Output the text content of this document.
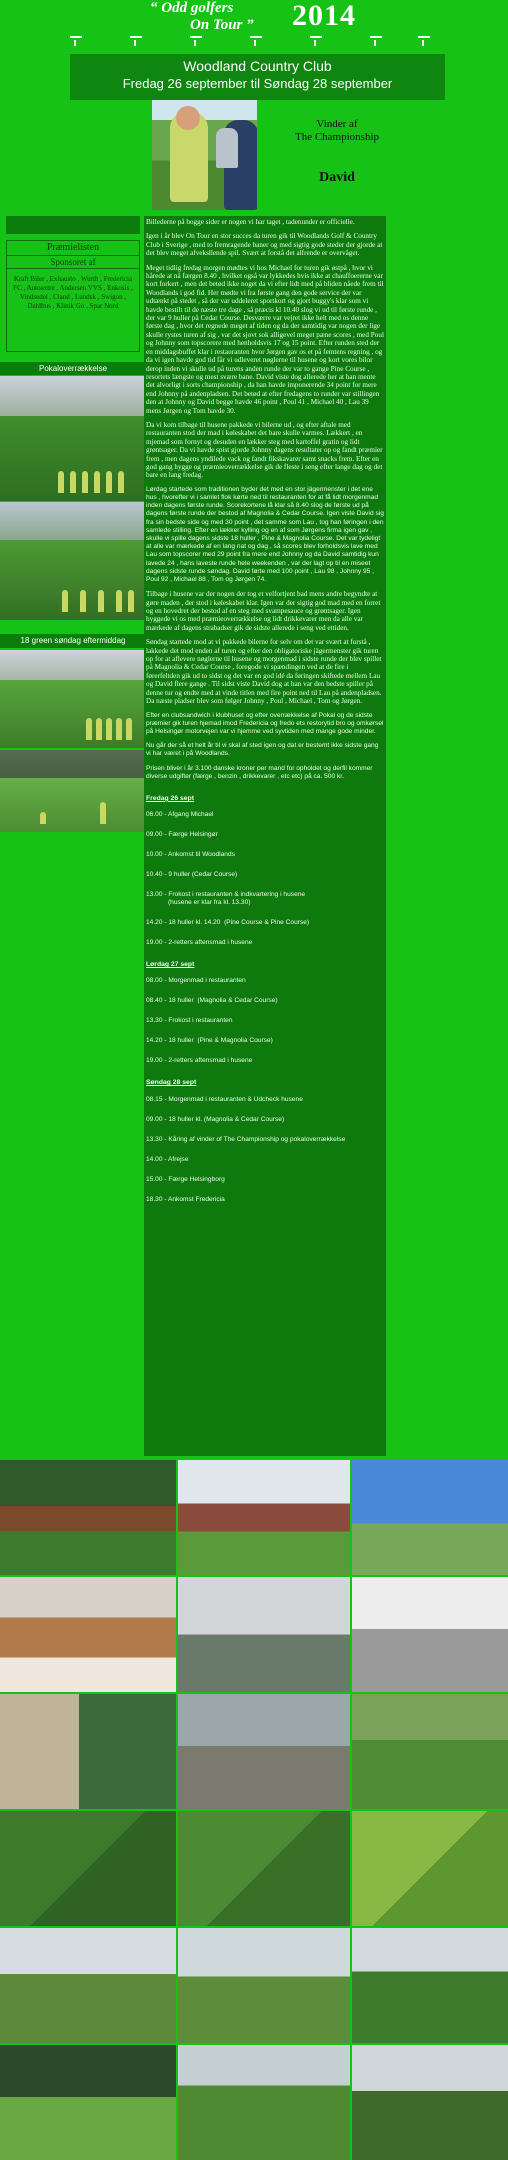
“ Odd golfers
On Tour ”	2014
Woodland Country Club
Fredag 26 september til Søndag 28 september
Vinder af
The Championship
David
Præmielisten
Sponsoret af
Kraft Biler , Exhausto , Wurth , Fredericia FC , Autoaxtre , Andersen VVS , Enkosis , Vindsedel , Cland , Lundsk , Swigon , Dahlbus , Klinik Go , Spar Nord
Pokaloverrækkelse
18 green søndag eftermiddag

Billederne på bogge sider er nogen vi har taget , tadenunder er officielle.

Igen i år blev On Tour en stor succes da turen gik til Woodlands Golf & Country Club i Sverige , med to fremragende baner og med sigtig gode steder der gjorde at det blev meget afveksllende spil. Svært at forstå det alfrende er overvåget.

Meget tidlig fredag morgen mødtes vi hos Michael for turen gik østpå , hvor vi hårede at nå færgen 8.40 , hvilket også var lykkedes hvis ikke at chauffoererne var kort forkert , men det betød ikke noget da vi efter lidt med på bliden nåede frem til Woodlands i god fid. Her mødte vi fra første gang den gode service der var udtænkt på stedet , så der var uddeleret sportkort og gjort buggy's klar som vi havde bestilt til de næste tre dage , så præcis kl 10.40 slog vi ud til første runde , der var 9 huller på Cedar Course. Desværre var vejret ikke helt med os denne første dag , hvor det regnede meget af tiden og da der samtidig var nogen der lige skulle rystes turen af sig , var det sjovt sok alligevel meget pæne scores , med Poul og Johnny som topscorere med henholdsvis 17 og 15 point. Efter runden sted der en middagsbuffet klar i restauranten hvor Jørgen gav os et på femtens regning , og da vi igen havde god tid får vi udleveret nøglerne til husene og kort vores bilor derop inden vi skulle ud på turens anden runde der var to gange Pine Course , resortets længste og mest svære bane. David viste dog allerede her at han mente det alvorligt i sorts championship , da han havde imponerende 34 point for mere end Johnny på andenpladsen. Det betød at efter fredagens to runder var stillingen den at Johnny og David begge havde 46 point , Poul 41 , Michael 40 , Lau 39 mens Jørgen og Tom havde 30.

Da vi kom tilbage til husene pakkede vi bilerne ud , og efter aftale med restauranten stod der mad i køleskabet det bare skulle varmes. Lækkert , en mjemad som fornyt og desuden en lækker steg med kartoffel gratin og lidt grøntsager. Da vi havde spist gjorde Johnny dagens resultater op og fandt præmier frem , men dagens yndilede vack og fandt fikskavarer samt snacks frem. Efter en god gang hygge og præmieoverrækkelse gik de fleste i seng efter lange dag og det bare en lang fredag.

Lørdag startede som traditionen byder det med en stor jägermenster i det ene hus , hvorefter vi i samlet flok kørte ned til restauranten for at få lidt morgenmad inden dagens første runde. Scorekortene lå klar så 8.40 slog de første ud på dagens første runde der bestod af Magnolia & Cedar Course. Igen viste David sig fra sin bedste side og med 30 point , det samme som Lau , tog han føringen i den samlede stilling. Efter en lækker kylling og en af som Jørgens firma igen gav , skulle vi spille dagens sidste 18 huller , Pine & Magnolia Course. Det var tydeligt at alle var mærkede af en lang nat og dag , så scores blev forholdsvis lave med Lau som topscorer med 29 point fra mere end Johnny og da David samtidig kun lavede 24 , hans laveste runde hele weekenden , var der lagt op til en miseet dagens sidste runde søndag. David førte med 100 point , Lau 98 , Johnny 95 , Poul 92 , Michael 88 , Tom og Jørgen 74.

Tilbage i husene var der nogen der tog et velfortjent bad mens andre begyndte at gøre maden , der stod i køleskabet klar. Igen var der sigtig god mad med en forret og en hovedret der bestod af en steg med svampesauce og grøntsager. Igen hyggede vi os med præmieoverrækkelse og lidt drikkevarer men da alle var mærkede af dagens strabadser gik de sidste allerede i seng ved ettiden.

Søndag startede mod at vi pakkede bilerne for selv om det var svært at forstå , lakkede det mod enden af turen og efter den obligatoriske jägermenster gik turen op for at aflevere nøglerne til husene og morgenmad i sidste runde der blev spillet på Magnolia & Cedar Course , foregode vi spændingen ved at de fire i førerfeltden gik ud to sidst og det var en god idé da føringen skiftede mellem Lau og David flere gange . Til sidst viste David dog at han var den bedste spiller på denne tur og endte med at vinde titlen med fire point ned til Lau på andenpladsen. Da næste pladser blev som følger Johnny , Poul , Michael , Tom og Jørgen.

Efter en clubsandwich i klubhuset og efter overrækkelse af Pokal og de sidste præmier gik turen hjemad imod Fredericia og fredo ets restorytid bro og omkørsel på Helsingør motorvejen var vi hjemme ved syvtiden med mange gode minder.

Nu går der så et helt år til vi skal af sted igen og dat er bestemt ikke sidste gang vi har været i på Woodlands.

Prisen bliver i år 3.100 danske kroner per mand for opholdet og derfil kommer diverse udgifter (færge , benzin , drikkevarer , etc etc) på ca. 500 kr.

Fredag 26 sept
06.00 - Afgang Michael
09.00 - Færge Helsingør
10.00 - Ankomst til Woodlands
10.40 - 9 huller (Cedar Course)
13.00 - Frokost i restauranten & indkvartering i husene
(husene er klar fra kl. 13.30)
14.20 - 18 huller kl. 14.20  (Pine Course & Pine Course)
19.00 - 2-retters aftensmad i husene
Lørdag 27 sept
08.00 - Morgenmad i restauranten
08.40 - 18 huller  (Magnolia & Cedar Course)
13.30 - Frokost i restauranten
14.20 - 18 huller  (Pine & Magnolia Course)
19.00 - 2-retters aftensmad i husene
Søndag 28 sept
08.15 - Morgenmad i restauranten & Udcheck husene
09.00 - 18 huller kl. (Magnolia & Cedar Course)
13.30 - Kåring af vinder of The Championship og pokaloverrækkelse
14.00 - Afrejse
15.00 - Færge Helsingborg
18.30 - Ankomst Fredericia
